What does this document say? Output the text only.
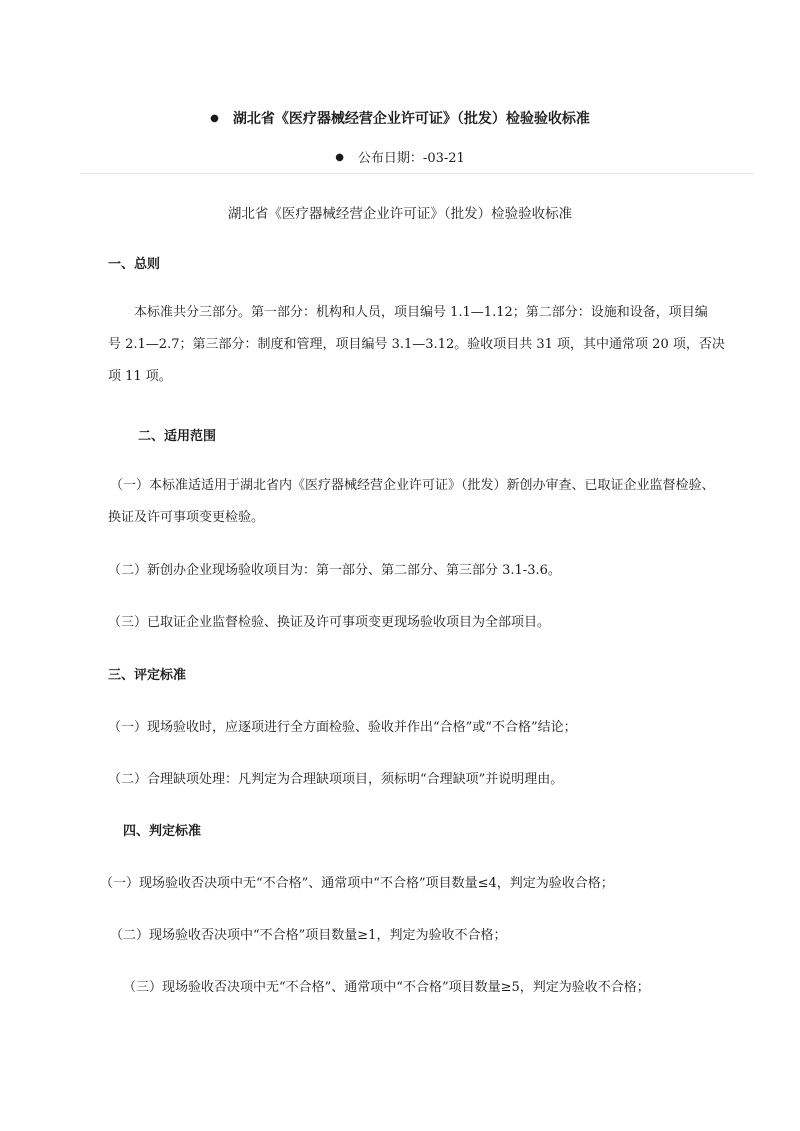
● 湖北省《医疗器械经营企业许可证》（批发）检验验收标准
● 公布日期：-03-21
湖北省《医疗器械经营企业许可证》（批发）检验验收标准
一、总则

本标准共分三部分。第一部分：机构和人员，项目编号 1.1—1.12；第二部分：设施和设备，项目编

号 2.1—2.7；第三部分：制度和管理，项目编号 3.1—3.12。验收项目共 31 项，其中通常项 20 项，否决

项 11 项。

二、适用范围
（一）本标准适适用于湖北省内《医疗器械经营企业许可证》（批发）新创办审查、已取证企业监督检验、
换证及许可事项变更检验。
（二）新创办企业现场验收项目为：第一部分、第二部分、第三部分 3.1-3.6。
（三）已取证企业监督检验、换证及许可事项变更现场验收项目为全部项目。
三、评定标准
（一）现场验收时，应逐项进行全方面检验、验收并作出“合格”或“不合格”结论；
（二）合理缺项处理：凡判定为合理缺项项目，须标明“合理缺项”并说明理由。
四、判定标准
（一）现场验收否决项中无“不合格”、通常项中“不合格”项目数量≤4，判定为验收合格；
（二）现场验收否决项中“不合格”项目数量≥1，判定为验收不合格；
（三）现场验收否决项中无“不合格”、通常项中“不合格”项目数量≥5，判定为验收不合格；
